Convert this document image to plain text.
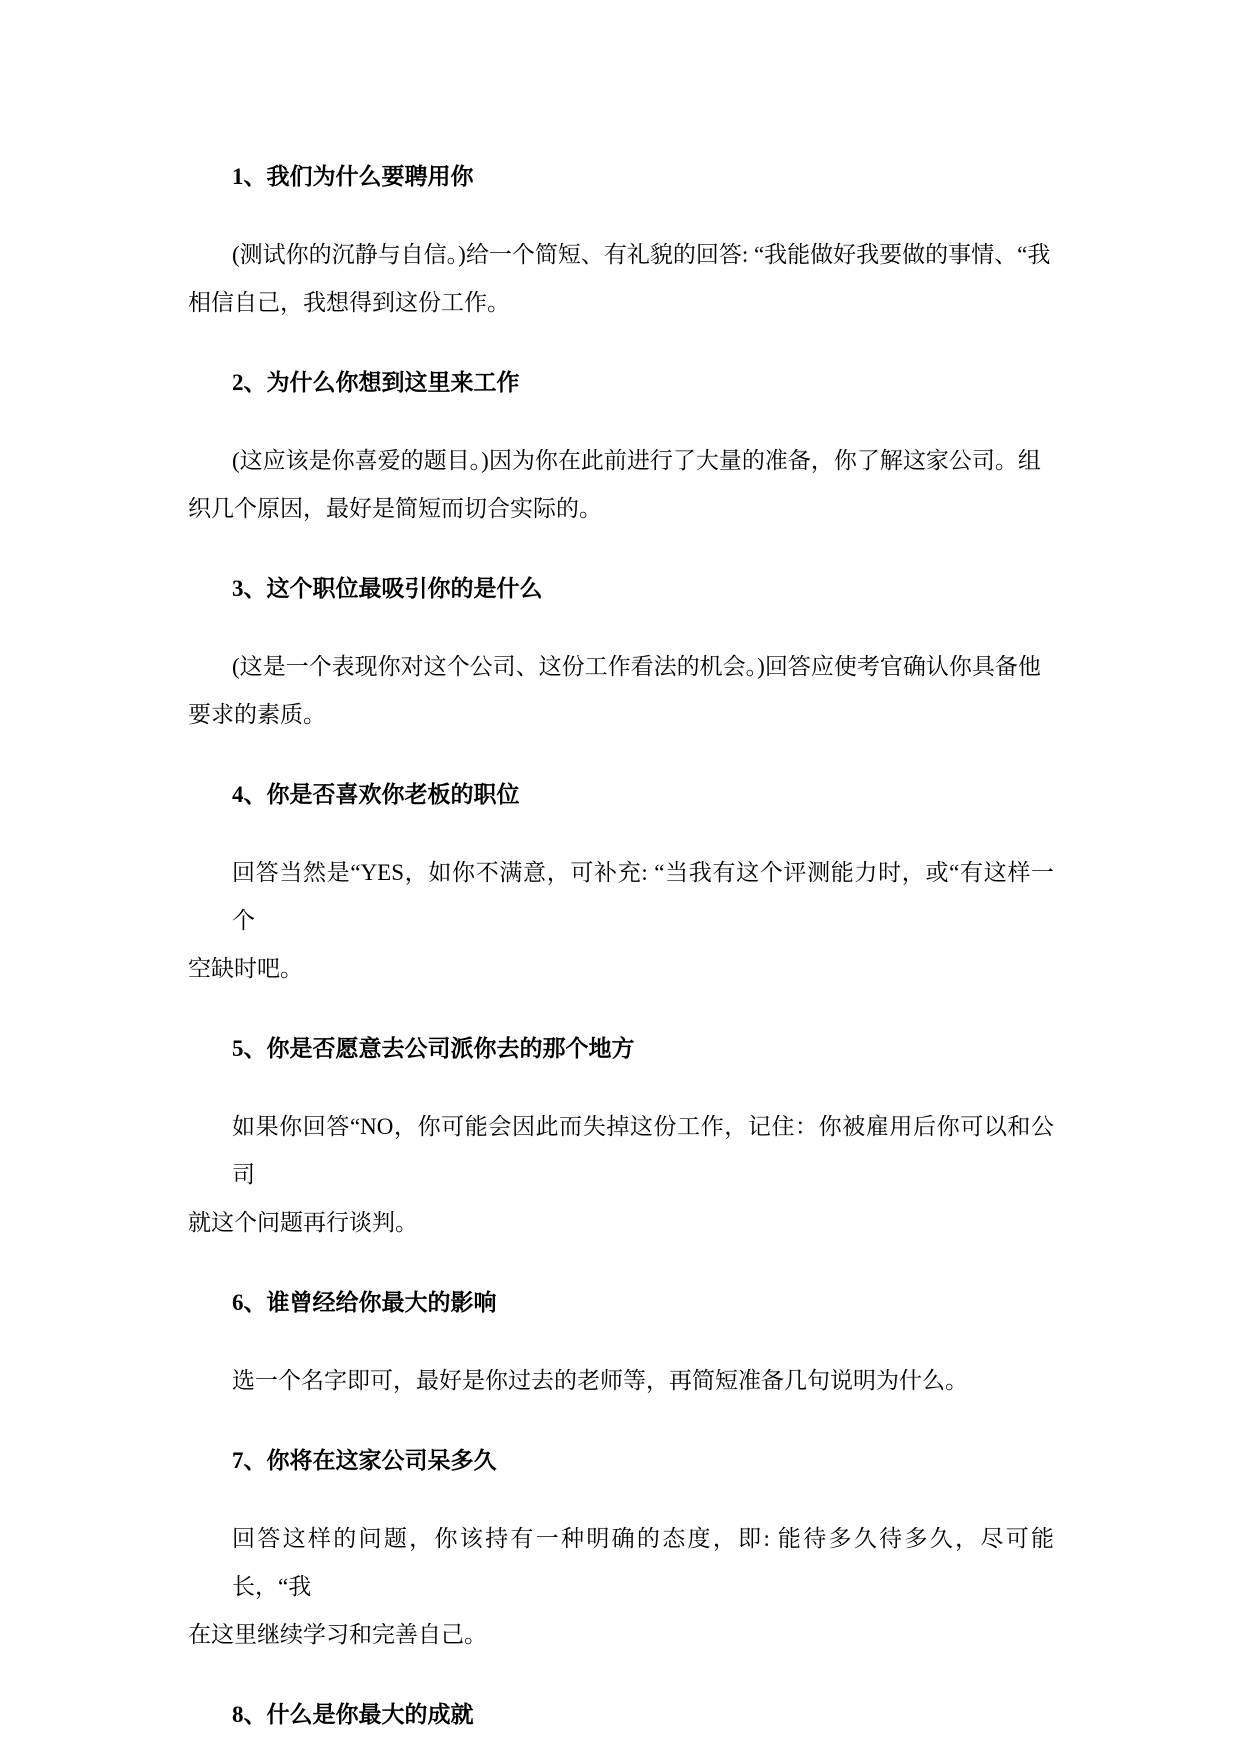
1、我们为什么要聘用你
(测试你的沉静与自信。)给一个简短、有礼貌的回答: “我能做好我要做的事情、“我
相信自己，我想得到这份工作。
2、为什么你想到这里来工作
(这应该是你喜爱的题目。)因为你在此前进行了大量的准备，你了解这家公司。组
织几个原因，最好是简短而切合实际的。
3、这个职位最吸引你的是什么
(这是一个表现你对这个公司、这份工作看法的机会。)回答应使考官确认你具备他
要求的素质。
4、你是否喜欢你老板的职位
回答当然是“YES，如你不满意，可补充: “当我有这个评测能力时，或“有这样一个
空缺时吧。
5、你是否愿意去公司派你去的那个地方
如果你回答“NO，你可能会因此而失掉这份工作，记住：你被雇用后你可以和公司
就这个问题再行谈判。
6、谁曾经给你最大的影响
选一个名字即可，最好是你过去的老师等，再简短准备几句说明为什么。
7、你将在这家公司呆多久
回答这样的问题，你该持有一种明确的态度，即: 能待多久待多久，尽可能长，“我
在这里继续学习和完善自己。
8、什么是你最大的成就
